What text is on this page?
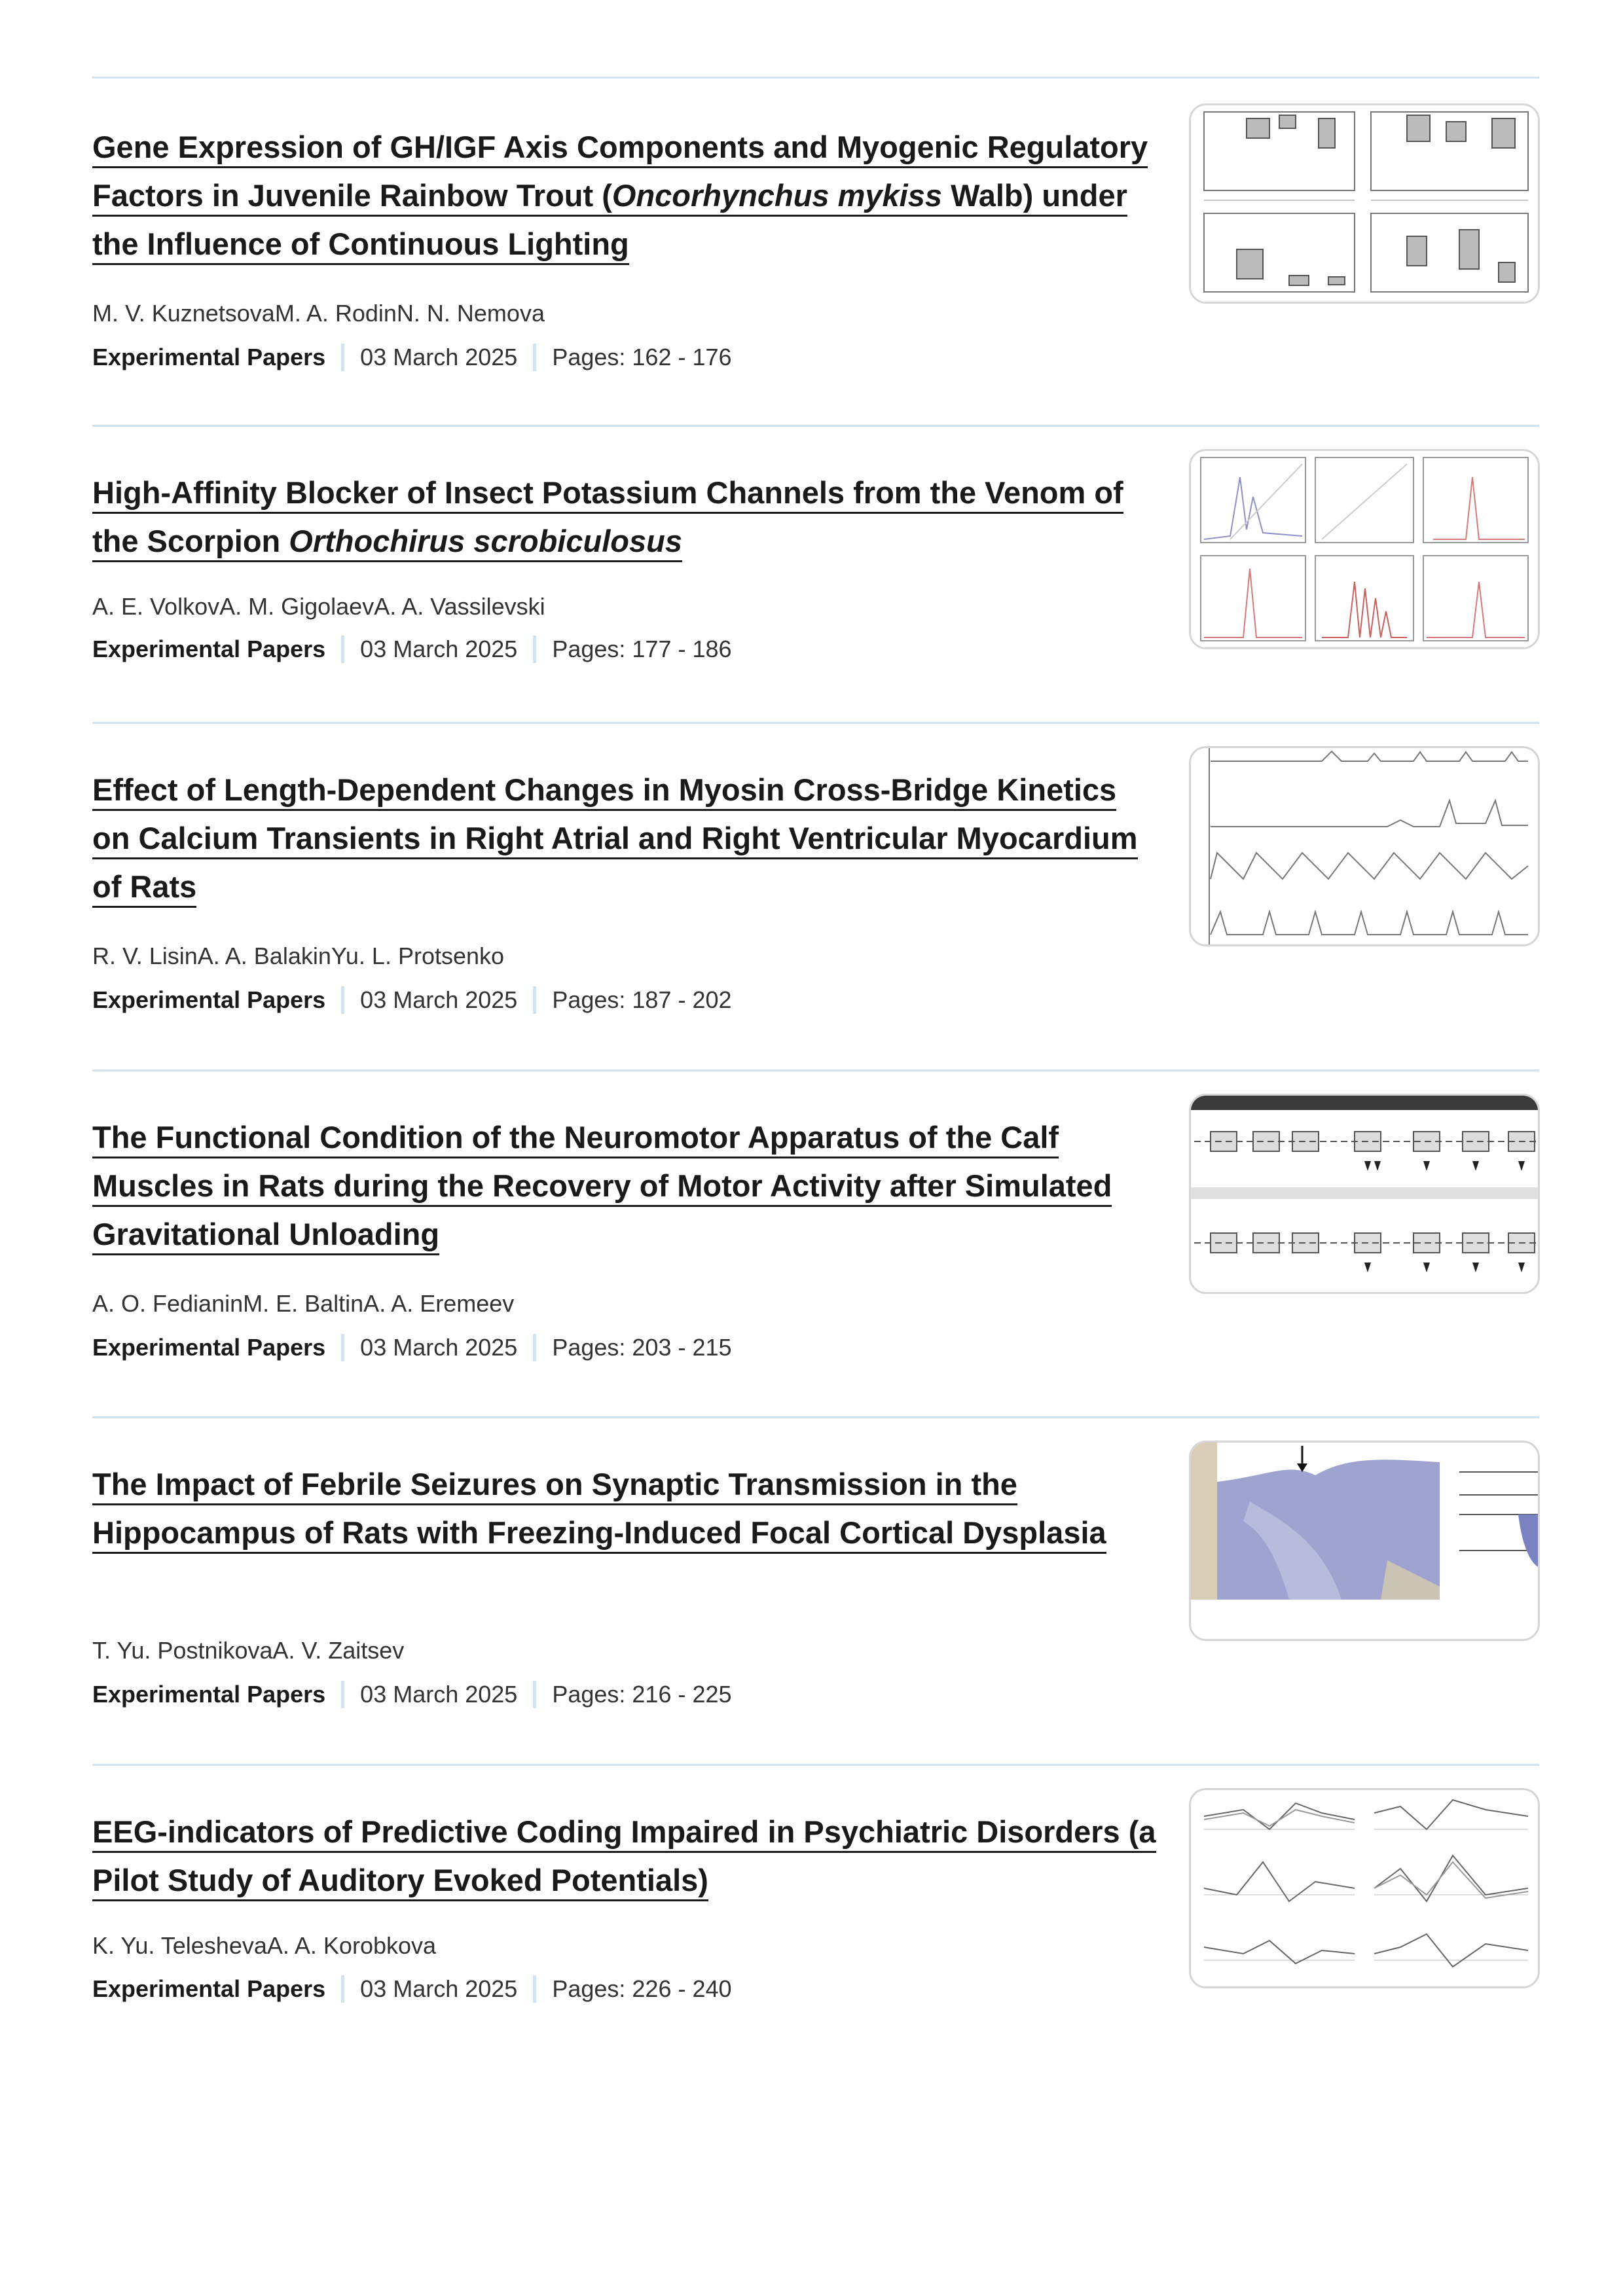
Gene Expression of GH/IGF Axis Components and Myogenic Regulatory Factors in Juvenile Rainbow Trout (Oncorhynchus mykiss Walb) under the Influence of Continuous Lighting
M. V. KuznetsovaM. A. RodinN. N. Nemova
Experimental Papers 03 March 2025 Pages: 162 - 176
High-Affinity Blocker of Insect Potassium Channels from the Venom of the Scorpion Orthochirus scrobiculosus
A. E. VolkovA. M. GigolaevA. A. Vassilevski
Experimental Papers 03 March 2025 Pages: 177 - 186
Effect of Length-Dependent Changes in Myosin Cross-Bridge Kinetics on Calcium Transients in Right Atrial and Right Ventricular Myocardium of Rats
R. V. LisinA. A. BalakinYu. L. Protsenko
Experimental Papers 03 March 2025 Pages: 187 - 202
The Functional Condition of the Neuromotor Apparatus of the Calf Muscles in Rats during the Recovery of Motor Activity after Simulated Gravitational Unloading
A. O. FedianinM. E. BaltinA. A. Eremeev
Experimental Papers 03 March 2025 Pages: 203 - 215
The Impact of Febrile Seizures on Synaptic Transmission in the Hippocampus of Rats with Freezing-Induced Focal Cortical Dysplasia
T. Yu. PostnikovaA. V. Zaitsev
Experimental Papers 03 March 2025 Pages: 216 - 225
EEG-indicators of Predictive Coding Impaired in Psychiatric Disorders (a Pilot Study of Auditory Evoked Potentials)
K. Yu. TeleshevaA. A. Korobkova
Experimental Papers 03 March 2025 Pages: 226 - 240
